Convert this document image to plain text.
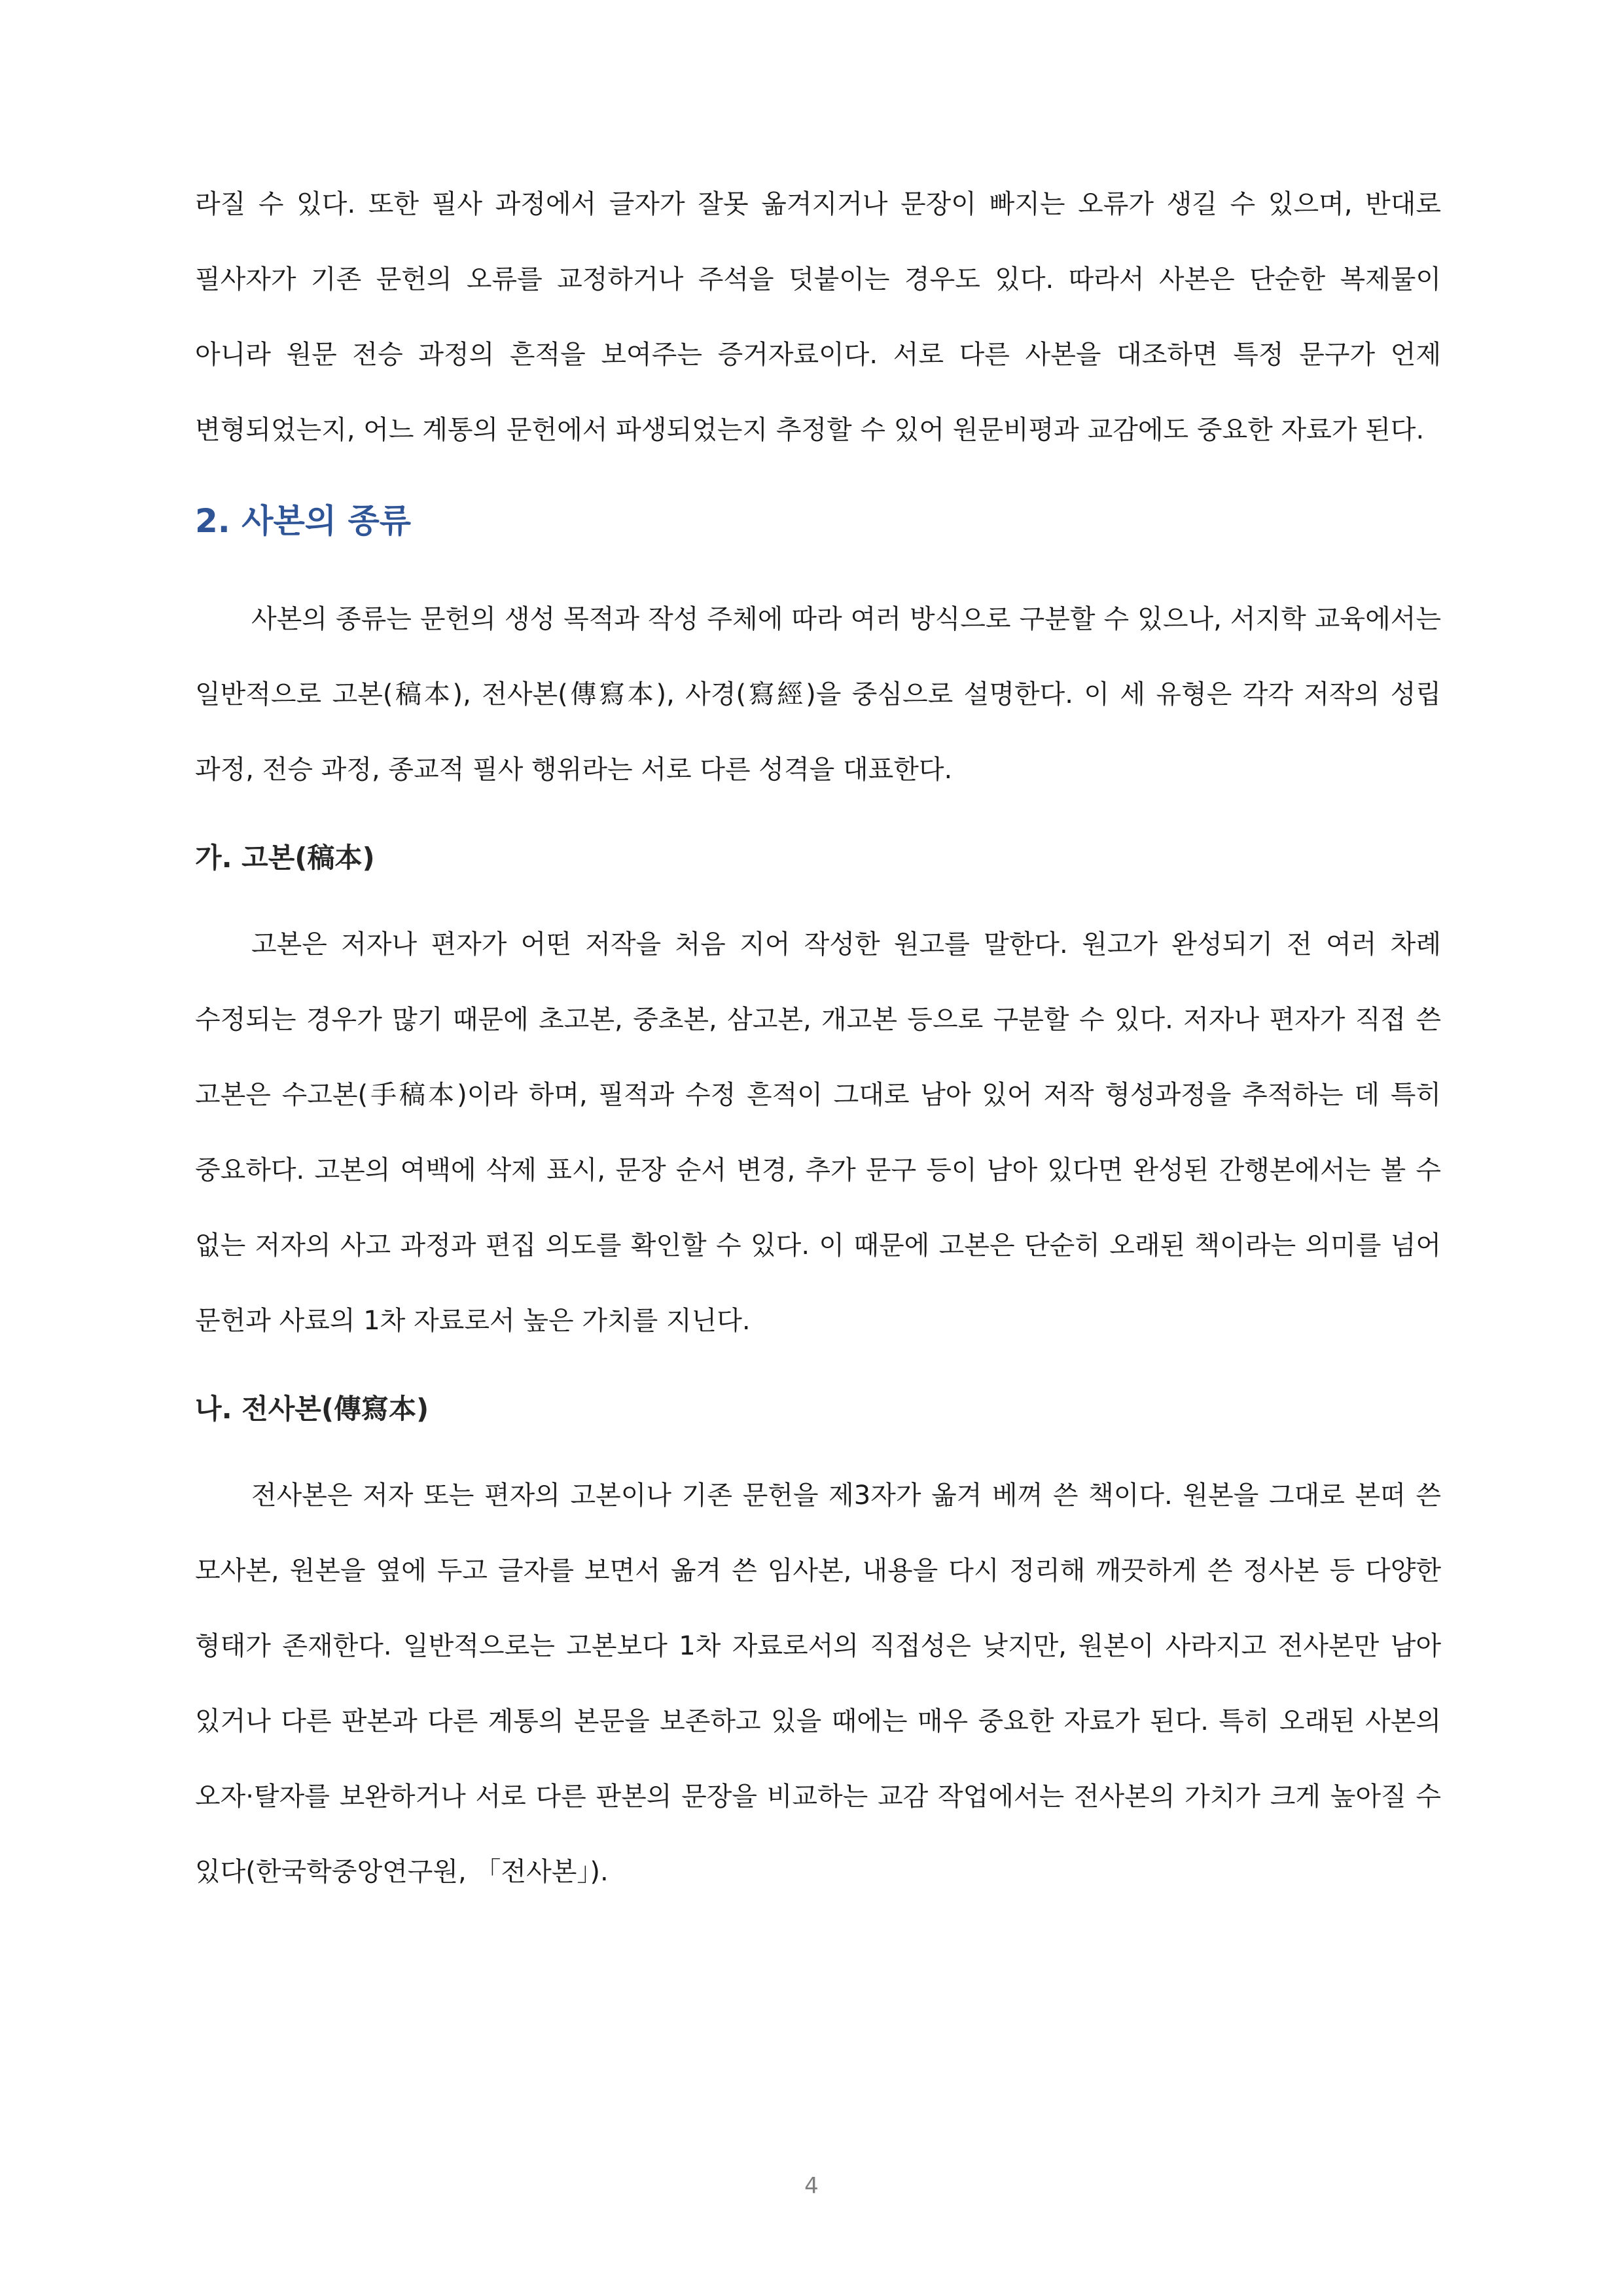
라질 수 있다. 또한 필사 과정에서 글자가 잘못 옮겨지거나 문장이 빠지는 오류가 생길 수 있으며, 반대로 필사자가 기존 문헌의 오류를 교정하거나 주석을 덧붙이는 경우도 있다. 따라서 사본은 단순한 복제물이 아니라 원문 전승 과정의 흔적을 보여주는 증거자료이다. 서로 다른 사본을 대조하면 특정 문구가 언제 변형되었는지, 어느 계통의 문헌에서 파생되었는지 추정할 수 있어 원문비평과 교감에도 중요한 자료가 된다.

2. 사본의 종류

사본의 종류는 문헌의 생성 목적과 작성 주체에 따라 여러 방식으로 구분할 수 있으나, 서지학 교육에서는 일반적으로 고본(稿本), 전사본(傳寫本), 사경(寫經)을 중심으로 설명한다. 이 세 유형은 각각 저작의 성립 과정, 전승 과정, 종교적 필사 행위라는 서로 다른 성격을 대표한다.

가. 고본(稿本)

고본은 저자나 편자가 어떤 저작을 처음 지어 작성한 원고를 말한다. 원고가 완성되기 전 여러 차례 수정되는 경우가 많기 때문에 초고본, 중초본, 삼고본, 개고본 등으로 구분할 수 있다. 저자나 편자가 직접 쓴 고본은 수고본(手稿本)이라 하며, 필적과 수정 흔적이 그대로 남아 있어 저작 형성과정을 추적하는 데 특히 중요하다. 고본의 여백에 삭제 표시, 문장 순서 변경, 추가 문구 등이 남아 있다면 완성된 간행본에서는 볼 수 없는 저자의 사고 과정과 편집 의도를 확인할 수 있다. 이 때문에 고본은 단순히 오래된 책이라는 의미를 넘어 문헌과 사료의 1차 자료로서 높은 가치를 지닌다.

나. 전사본(傳寫本)

전사본은 저자 또는 편자의 고본이나 기존 문헌을 제3자가 옮겨 베껴 쓴 책이다. 원본을 그대로 본떠 쓴 모사본, 원본을 옆에 두고 글자를 보면서 옮겨 쓴 임사본, 내용을 다시 정리해 깨끗하게 쓴 정사본 등 다양한 형태가 존재한다. 일반적으로는 고본보다 1차 자료로서의 직접성은 낮지만, 원본이 사라지고 전사본만 남아 있거나 다른 판본과 다른 계통의 본문을 보존하고 있을 때에는 매우 중요한 자료가 된다. 특히 오래된 사본의 오자·탈자를 보완하거나 서로 다른 판본의 문장을 비교하는 교감 작업에서는 전사본의 가치가 크게 높아질 수 있다(한국학중앙연구원, 「전사본」).

4
